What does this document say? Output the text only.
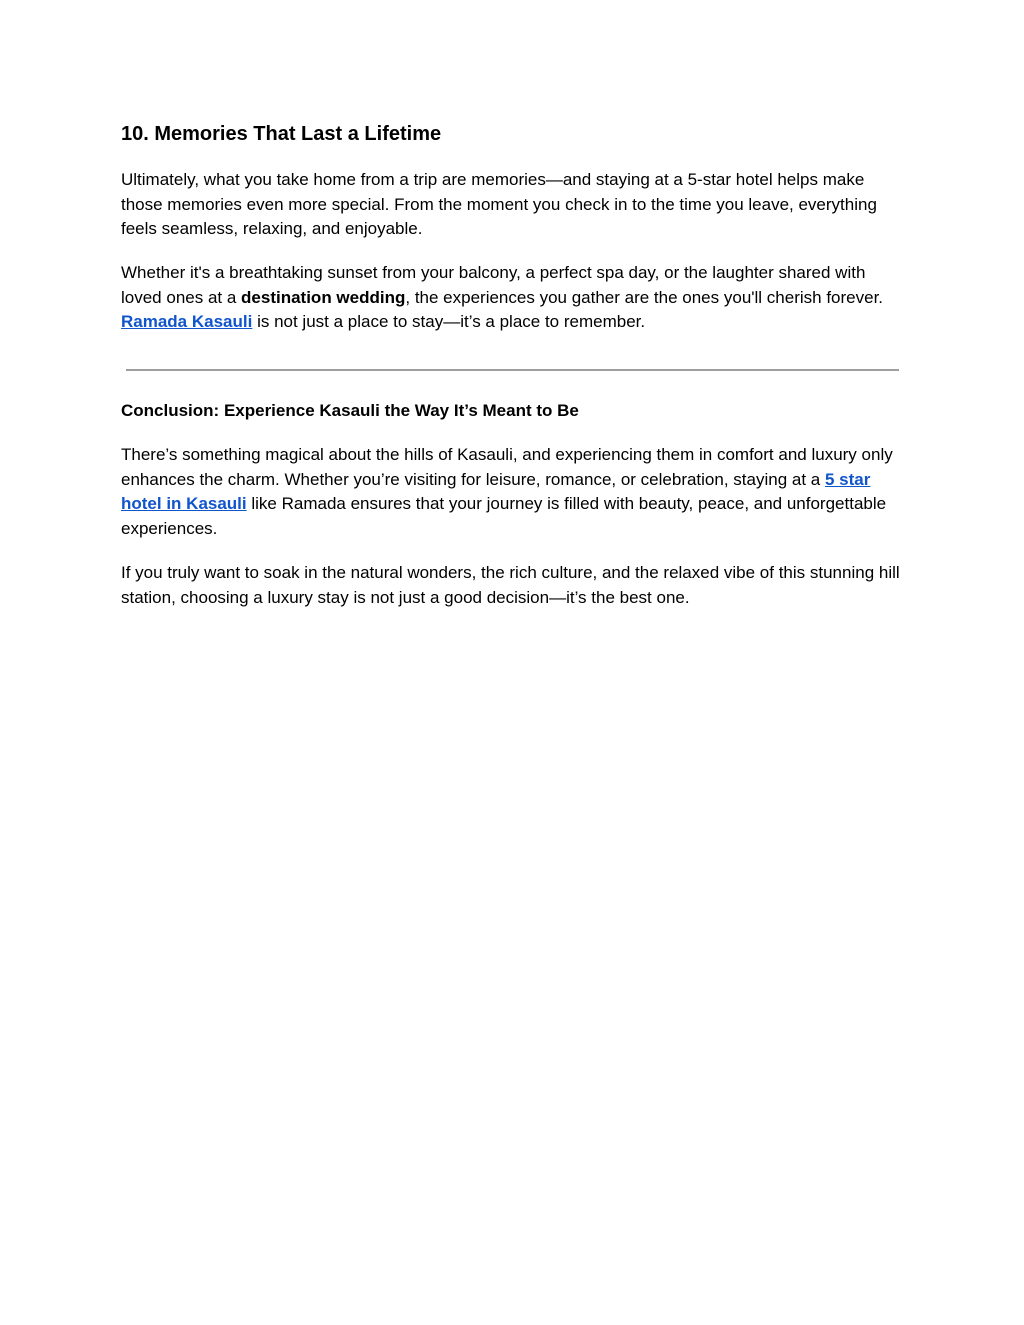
10. Memories That Last a Lifetime

Ultimately, what you take home from a trip are memories—and staying at a 5-star hotel helps make those memories even more special. From the moment you check in to the time you leave, everything feels seamless, relaxing, and enjoyable.

Whether it's a breathtaking sunset from your balcony, a perfect spa day, or the laughter shared with loved ones at a destination wedding, the experiences you gather are the ones you'll cherish forever. Ramada Kasauli is not just a place to stay—it’s a place to remember.

Conclusion: Experience Kasauli the Way It’s Meant to Be

There’s something magical about the hills of Kasauli, and experiencing them in comfort and luxury only enhances the charm. Whether you’re visiting for leisure, romance, or celebration, staying at a 5 star hotel in Kasauli like Ramada ensures that your journey is filled with beauty, peace, and unforgettable experiences.

If you truly want to soak in the natural wonders, the rich culture, and the relaxed vibe of this stunning hill station, choosing a luxury stay is not just a good decision—it’s the best one.
